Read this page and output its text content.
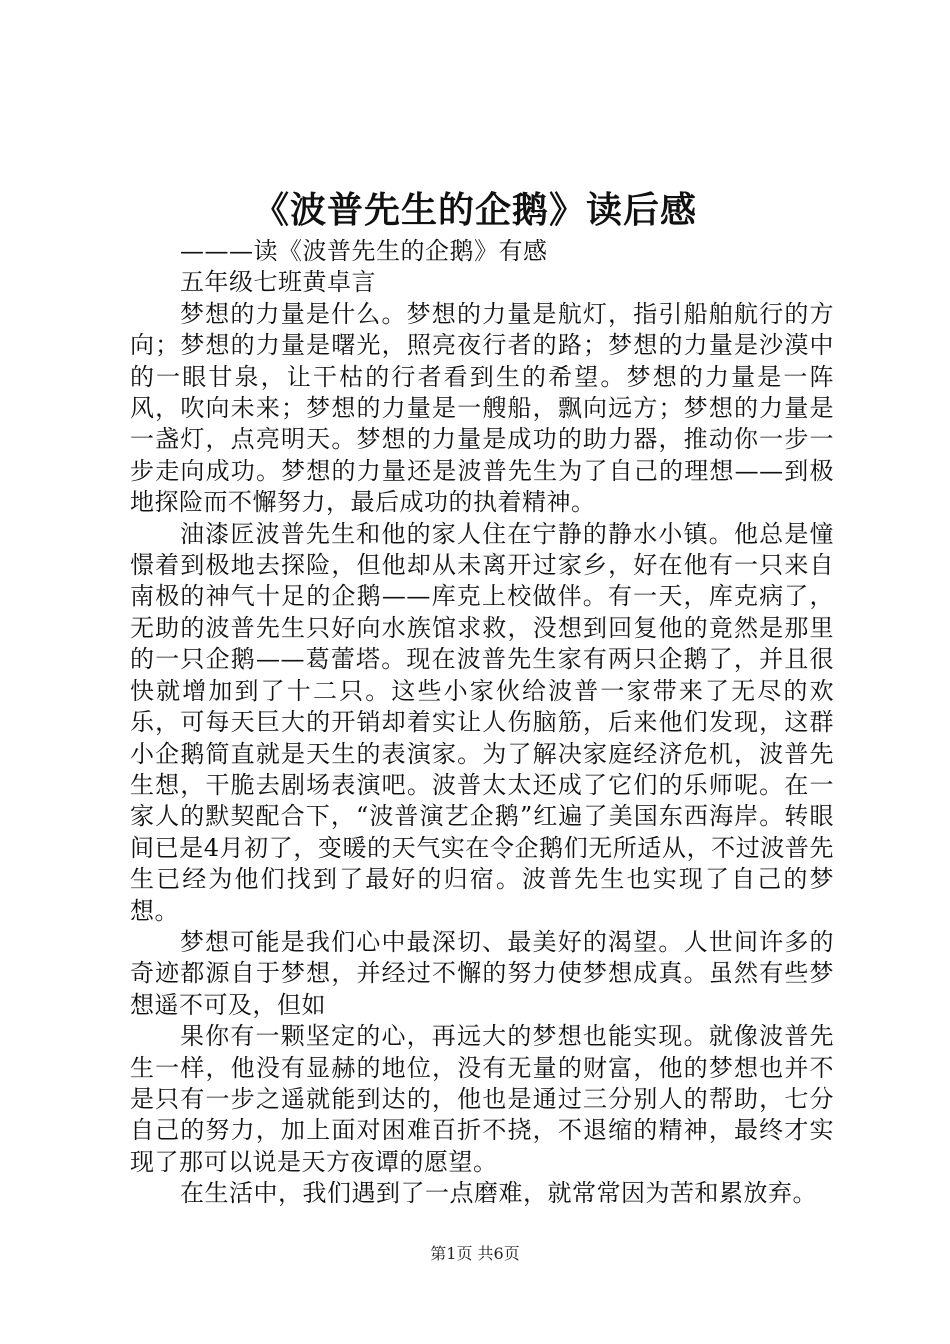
《波普先生的企鹅》读后感

———读《波普先生的企鹅》有感

五年级七班黄卓言

梦想的力量是什么。梦想的力量是航灯，指引船舶航行的方向；梦想的力量是曙光，照亮夜行者的路；梦想的力量是沙漠中的一眼甘泉，让干枯的行者看到生的希望。梦想的力量是一阵风，吹向未来；梦想的力量是一艘船，飘向远方；梦想的力量是一盏灯，点亮明天。梦想的力量是成功的助力器，推动你一步一步走向成功。梦想的力量还是波普先生为了自己的理想——到极地探险而不懈努力，最后成功的执着精神。

油漆匠波普先生和他的家人住在宁静的静水小镇。他总是憧憬着到极地去探险，但他却从未离开过家乡，好在他有一只来自南极的神气十足的企鹅——库克上校做伴。有一天，库克病了，无助的波普先生只好向水族馆求救，没想到回复他的竟然是那里的一只企鹅——葛蕾塔。现在波普先生家有两只企鹅了，并且很快就增加到了十二只。这些小家伙给波普一家带来了无尽的欢乐，可每天巨大的开销却着实让人伤脑筋，后来他们发现，这群小企鹅简直就是天生的表演家。为了解决家庭经济危机，波普先生想，干脆去剧场表演吧。波普太太还成了它们的乐师呢。在一家人的默契配合下，“波普演艺企鹅”红遍了美国东西海岸。转眼间已是4月初了，变暖的天气实在令企鹅们无所适从，不过波普先生已经为他们找到了最好的归宿。波普先生也实现了自己的梦想。

梦想可能是我们心中最深切、最美好的渴望。人世间许多的奇迹都源自于梦想，并经过不懈的努力使梦想成真。虽然有些梦想遥不可及，但如

果你有一颗坚定的心，再远大的梦想也能实现。就像波普先生一样，他没有显赫的地位，没有无量的财富，他的梦想也并不是只有一步之遥就能到达的，他也是通过三分别人的帮助，七分自己的努力，加上面对困难百折不挠，不退缩的精神，最终才实现了那可以说是天方夜谭的愿望。

在生活中，我们遇到了一点磨难，就常常因为苦和累放弃。

第1页 共6页
